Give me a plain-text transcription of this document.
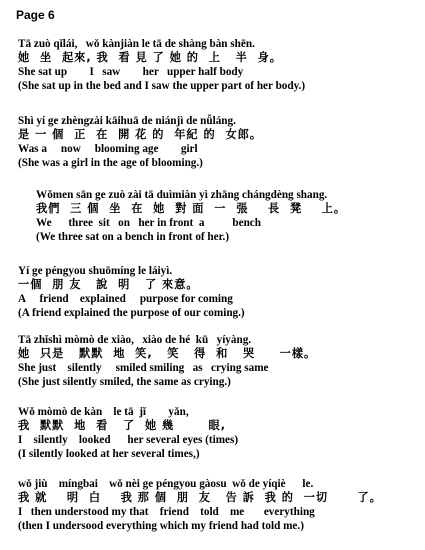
Page 6
Tā zuò qǐlái,   wǒ kànjiàn le tā de shàng bàn shēn.
她  坐  起來, 我  看 見 了 她 的  上   半  身。
She sat up        I   saw        her   upper half body
(She sat up in the bed and I saw the upper part of her body.)
Shì yí ge zhèngzài kāihuā de niánjì de nǚláng.
是 一 個  正  在  開 花 的  年紀 的  女郎。
Was a     now     blooming age        girl
(She was a girl in the age of blooming.)
Wǒmen sān ge zuò zài tā duìmiàn yì zhāng chángdèng shang.
我們  三 個  坐  在  她  對 面  一  張    長  凳    上。
We      three  sit   on   her in front  a          bench
(We three sat on a bench in front of her.)
Yí ge péngyou shuōmíng le láiyì.
一個  朋 友   說  明   了 來意。
A     friend    explained     purpose for coming
(A friend explained the purpose of our coming.)
Tā zhǐshì mòmò de xiào,   xiào de hé  kū   yíyàng.
她  只是   默默  地  笑,   笑   得  和   哭     一樣。
She just    silently     smiled smiling   as   crying same
(She just silently smiled, the same as crying.)
Wǒ mòmò de kàn    le tā  jǐ        yǎn,
我  默默  地  看   了  她 幾       眼,
I    silently    looked      her several eyes (times)
(I silently looked at her several times,)
wǒ jiù    míngbai    wǒ nèi ge péngyou gàosu  wǒ de yíqiè      le.
我 就    明  白    我 那 個  朋  友   告 訴  我 的  一切      了。
I   then understood my that    friend    told    me       everything
(then I undersood everything which my friend had told me.)
